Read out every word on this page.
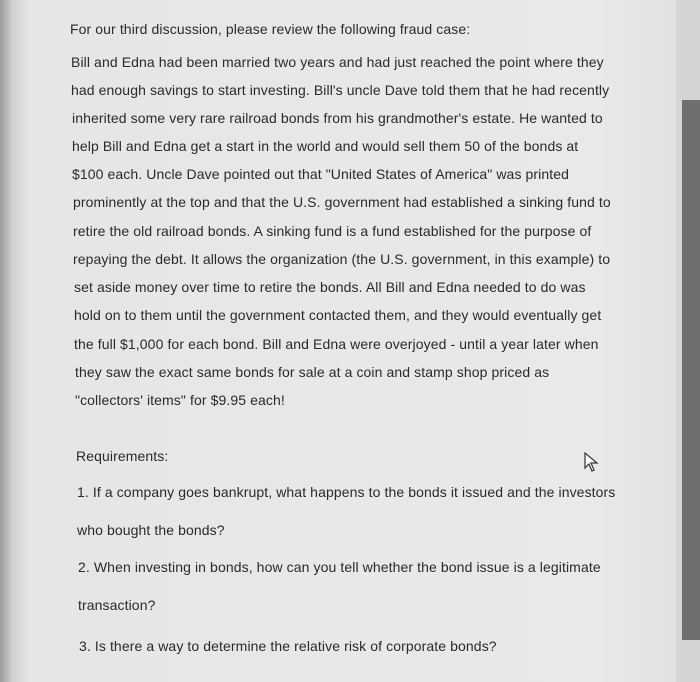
For our third discussion, please review the following fraud case:
Bill and Edna had been married two years and had just reached the point where they
had enough savings to start investing. Bill's uncle Dave told them that he had recently
inherited some very rare railroad bonds from his grandmother's estate. He wanted to
help Bill and Edna get a start in the world and would sell them 50 of the bonds at
$100 each. Uncle Dave pointed out that "United States of America" was printed
prominently at the top and that the U.S. government had established a sinking fund to
retire the old railroad bonds. A sinking fund is a fund established for the purpose of
repaying the debt. It allows the organization (the U.S. government, in this example) to
set aside money over time to retire the bonds. All Bill and Edna needed to do was
hold on to them until the government contacted them, and they would eventually get
the full $1,000 for each bond. Bill and Edna were overjoyed - until a year later when
they saw the exact same bonds for sale at a coin and stamp shop priced as
"collectors' items" for $9.95 each!
Requirements:
1. If a company goes bankrupt, what happens to the bonds it issued and the investors
who bought the bonds?
2. When investing in bonds, how can you tell whether the bond issue is a legitimate
transaction?
3. Is there a way to determine the relative risk of corporate bonds?
